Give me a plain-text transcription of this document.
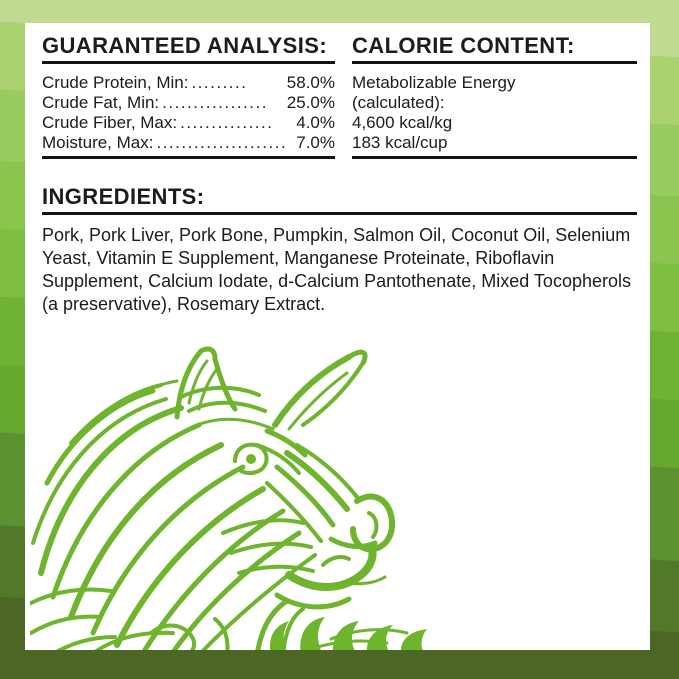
GUARANTEED ANALYSIS:
Crude Protein, Min: .........	58.0%
Crude Fat, Min: .................	25.0%
Crude Fiber, Max: ...............	4.0%
Moisture, Max: ..................... 7.0%
CALORIE CONTENT:
Metabolizable Energy
(calculated):
4,600 kcal/kg
183 kcal/cup
INGREDIENTS:

Pork, Pork Liver, Pork Bone, Pumpkin, Salmon Oil, Coconut Oil, Selenium Yeast, Vitamin E Supplement, Manganese Proteinate, Riboflavin Supplement, Calcium Iodate, d-Calcium Pantothenate, Mixed Tocopherols (a preservative), Rosemary Extract.
